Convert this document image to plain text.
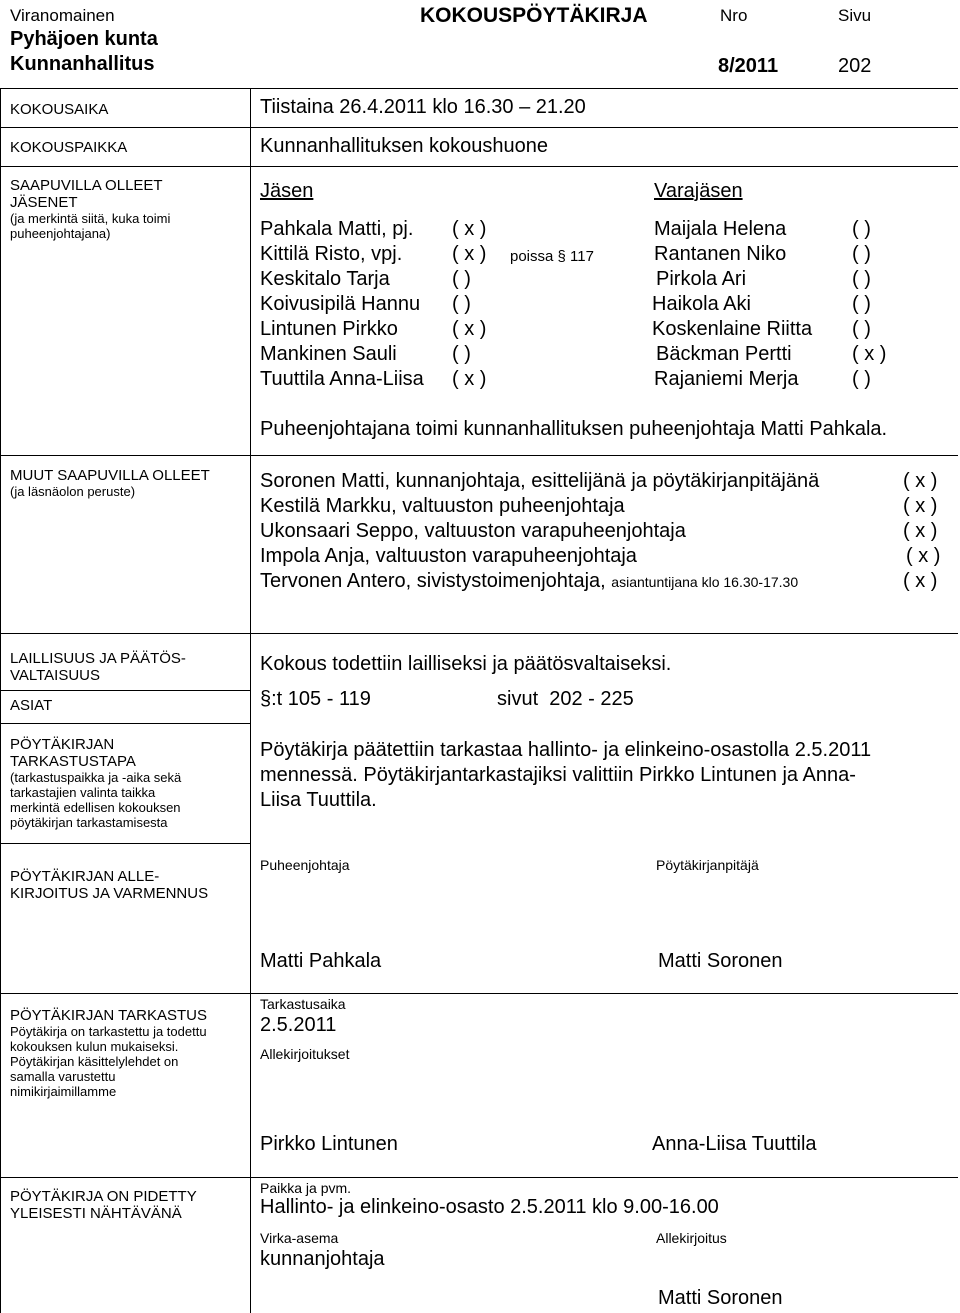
Viranomainen
Pyhäjoen kunta
Kunnanhallitus
KOKOUSPÖYTÄKIRJA	Nro
8/2011
Sivu
202
KOKOUSAIKA	Tiistaina 26.4.2011 klo 16.30 – 21.20
KOKOUSPAIKKA	Kunnanhallituksen kokoushuone
SAAPUVILLA OLLEET
JÄSENET
(ja merkintä siitä, kuka toimi
puheenjohtajana)
Jäsen	Varajäsen
Pahkala Matti, pj. ( x )	Maijala Helena	( )
Kittilä Risto, vpj. ( x ) poissa § 117	Rantanen Niko	( )
Keskitalo Tarja	( )	Pirkola Ari	( )
Koivusipilä Hannu ( )	Haikola Aki	( )
Lintunen Pirkko	( x )	Koskenlaine Riitta ( )
Mankinen Sauli	( )	Bäckman Pertti	( x )
Tuuttila Anna-Liisa ( x )	Rajaniemi Merja	( )
Puheenjohtajana toimi kunnanhallituksen puheenjohtaja Matti Pahkala.
MUUT SAAPUVILLA OLLEET
(ja läsnäolon peruste)	Soronen Matti, kunnanjohtaja, esittelijänä ja pöytäkirjanpitäjänä	( x )
Kestilä Markku, valtuuston puheenjohtaja	( x )
Ukonsaari Seppo, valtuuston varapuheenjohtaja	( x )
Impola Anja, valtuuston varapuheenjohtaja	( x )
Tervonen Antero, sivistystoimenjohtaja, asiantuntijana klo 16.30-17.30	( x )
LAILLISUUS JA PÄÄTÖS-
VALTAISUUS
Kokous todettiin lailliseksi ja päätösvaltaiseksi.
ASIAT	§:t 105 - 119	sivut 202 - 225
PÖYTÄKIRJAN
TARKASTUSTAPA
(tarkastuspaikka ja -aika sekä
tarkastajien valinta taikka
merkintä edellisen kokouksen
pöytäkirjan tarkastamisesta
Pöytäkirja päätettiin tarkastaa hallinto- ja elinkeino-osastolla 2.5.2011
mennessä. Pöytäkirjantarkastajiksi valittiin Pirkko Lintunen ja Anna-
Liisa Tuuttila.
PÖYTÄKIRJAN ALLE-
KIRJOITUS JA VARMENNUS
Puheenjohtaja	Pöytäkirjanpitäjä
Matti Pahkala	Matti Soronen
PÖYTÄKIRJAN TARKASTUS
Pöytäkirja on tarkastettu ja todettu
kokouksen kulun mukaiseksi.
Pöytäkirjan käsittelylehdet on
samalla varustettu
nimikirjaimillamme
Tarkastusaika
2.5.2011
Allekirjoitukset
Pirkko Lintunen	Anna-Liisa Tuuttila
PÖYTÄKIRJA ON PIDETTY
YLEISESTI NÄHTÄVÄNÄ
Paikka ja pvm.
Hallinto- ja elinkeino-osasto 2.5.2011 klo 9.00-16.00
Virka-asema
kunnanjohtaja
Allekirjoitus
Matti Soronen
